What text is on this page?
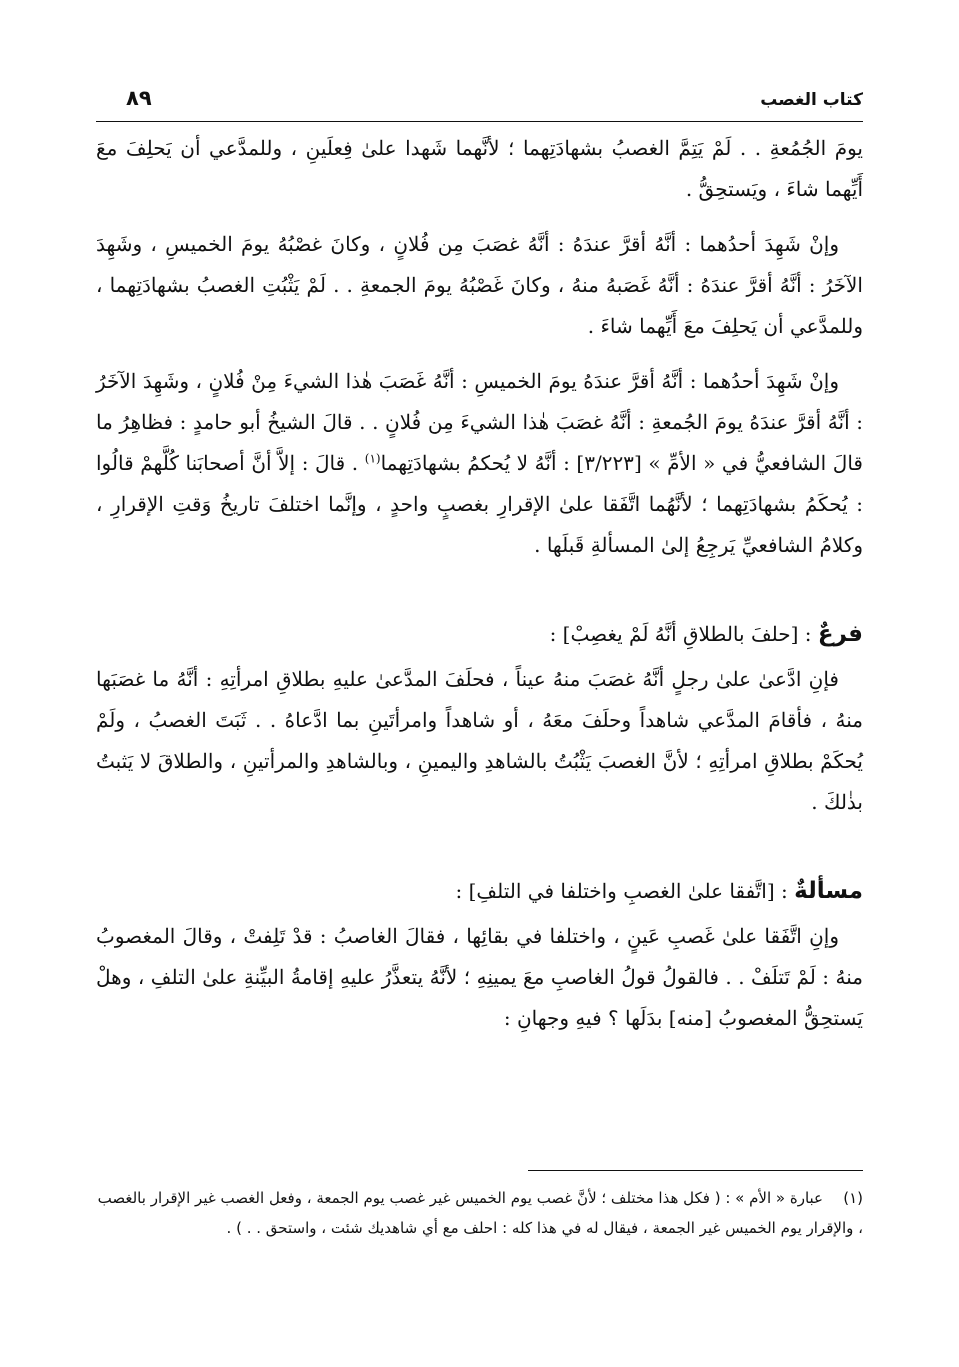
كتاب الغصب
٨٩

يومَ الجُمُعةِ . . لَمْ يَتِمَّ الغصبُ بشهادَتِهما ؛ لأنَّهما شَهدا علىٰ فِعلَينِ ، وللمدَّعي أن يَحلِفَ معَ أَيِّهما شاءَ ، ويَستحِقُّ .

وإنْ شَهِدَ أحدُهما : أنَّهُ أقرَّ عندَهُ : أنَّهُ غصَبَ مِن فُلانٍ ، وكانَ غصْبُهُ يومَ الخميسِ ، وشَهِدَ الآخَرُ : أنَّهُ أقرَّ عندَهُ : أنَّهُ غَصَبهُ منهُ ، وكانَ غَصْبُهُ يومَ الجمعةِ . . لَمْ يَثْبُتِ الغصبُ بشهادَتِهما ، وللمدَّعي أن يَحلِفَ معَ أَيِّهما شاءَ .

وإنْ شَهِدَ أحدُهما : أنَّهُ أقرَّ عندَهُ يومَ الخميسِ : أنَّهُ غَصَبَ هٰذا الشيءَ مِنْ فُلانٍ ، وشَهِدَ الآخَرُ : أنَّهُ أقرَّ عندَهُ يومَ الجُمعةِ : أنَّهُ غصَبَ هٰذا الشيءَ مِن فُلانٍ . . قالَ الشيخُ أبو حامدٍ : فظاهِرُ ما قالَ الشافعيُّ في « الأمِّ » [٣/٢٢٣] : أنَّهُ لا يُحكمُ بشهادَتِهما$^{(١)}$ . قالَ : إلاَّ أنَّ أصحابَنا كُلَّهمْ قالُوا : يُحكَمُ بشهادَتِهما ؛ لأنَّهُما اتَّفَقا علىٰ الإقرارِ بغصبٍ واحدٍ ، وإنَّما اختلفَ تاريخُ وَقتِ الإقرارِ ، وكلامُ الشافعيِّ يَرجِعُ إلىٰ المسألةِ قَبلَها .

فرعٌ : [حلفَ بالطلاقِ أنَّهُ لَمْ يغصِبْ] :

فإنِ ادَّعىٰ علىٰ رجلٍ أنَّهُ غصَبَ منهُ عيناً ، فحلَفَ المدَّعىٰ عليهِ بطلاقِ امرأتِهِ : أنَّهُ ما غصَبَها منهُ ، فأقامَ المدَّعي شاهداً وحلَفَ معَهُ ، أو شاهداً وامرأتَينِ بما ادَّعاهُ . . ثَبَتَ الغصبُ ، ولَمْ يُحكَمْ بطلاقِ امرأتِهِ ؛ لأنَّ الغصبَ يَثْبُتُ بالشاهدِ واليمينِ ، وبالشاهدِ والمرأتينِ ، والطلاقَ لا يَثبتُ بذٰلكَ .

مسألةٌ : [اتَّفقا علىٰ الغصبِ واختلفا في التلفِ] :

وإنِ اتَّفَقا علىٰ غَصبِ عَينٍ ، واختلفا في بقائِها ، فقالَ الغاصبُ : قدْ تَلِفتْ ، وقالَ المغصوبُ منهُ : لَمْ تَتلَفْ . . فالقولُ قولُ الغاصبِ معَ يمينِهِ ؛ لأنَّهُ يتعذَّرُ عليهِ إقامةُ البيِّنةِ علىٰ التلفِ ، وهلْ يَستحِقُّ المغصوبُ [منه] بدَلَها ؟ فيهِ وجهانِ :

(١)عبارة « الأم » : ( فكل هذا مختلف ؛ لأنَّ غصب يوم الخميس غير غصب يوم الجمعة ، وفعل الغصب غير الإقرار بالغصب ، والإقرار يوم الخميس غير الجمعة ، فيقال له في هذا كله : احلف مع أي شاهديك شئت ، واستحق . . ) .
